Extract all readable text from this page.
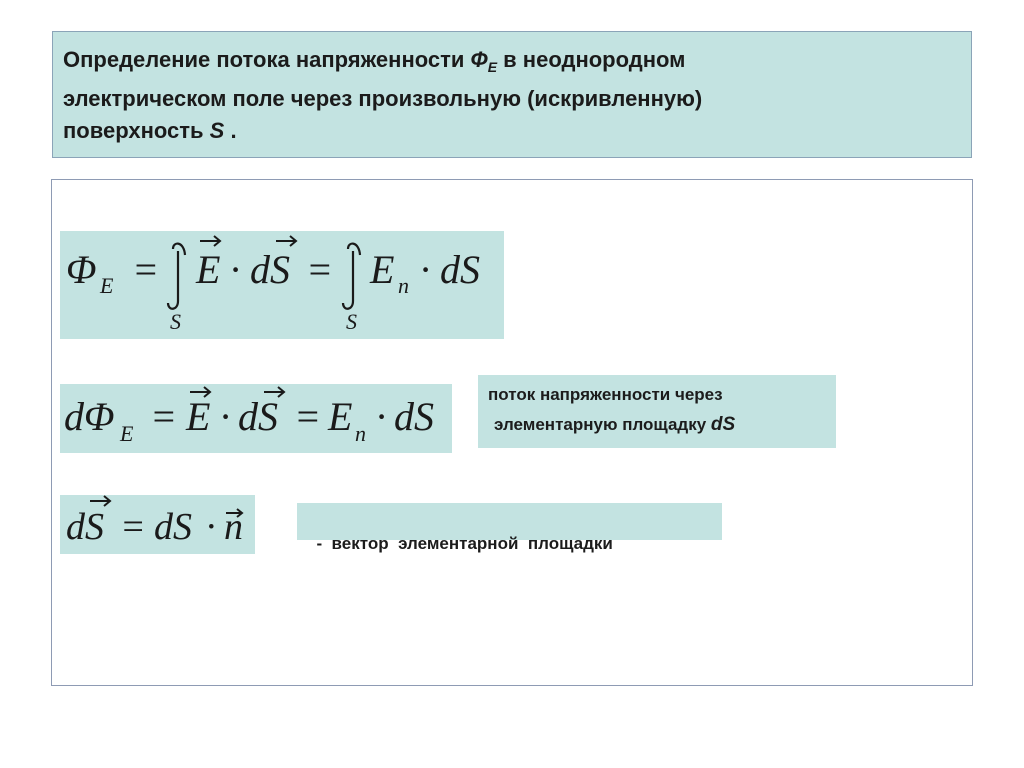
Определение потока напряженности $Ф_E$ в неоднородном
электрическом поле через произвольную (искривленную)
поверхность S .
Φ E =
S
E · dS =
S
E n · dS
dΦ E = E · dS = E n · dS
dS = dS · n
поток напряженности через
элементарную площадку dS

-  вектор  элементарной  площадки
